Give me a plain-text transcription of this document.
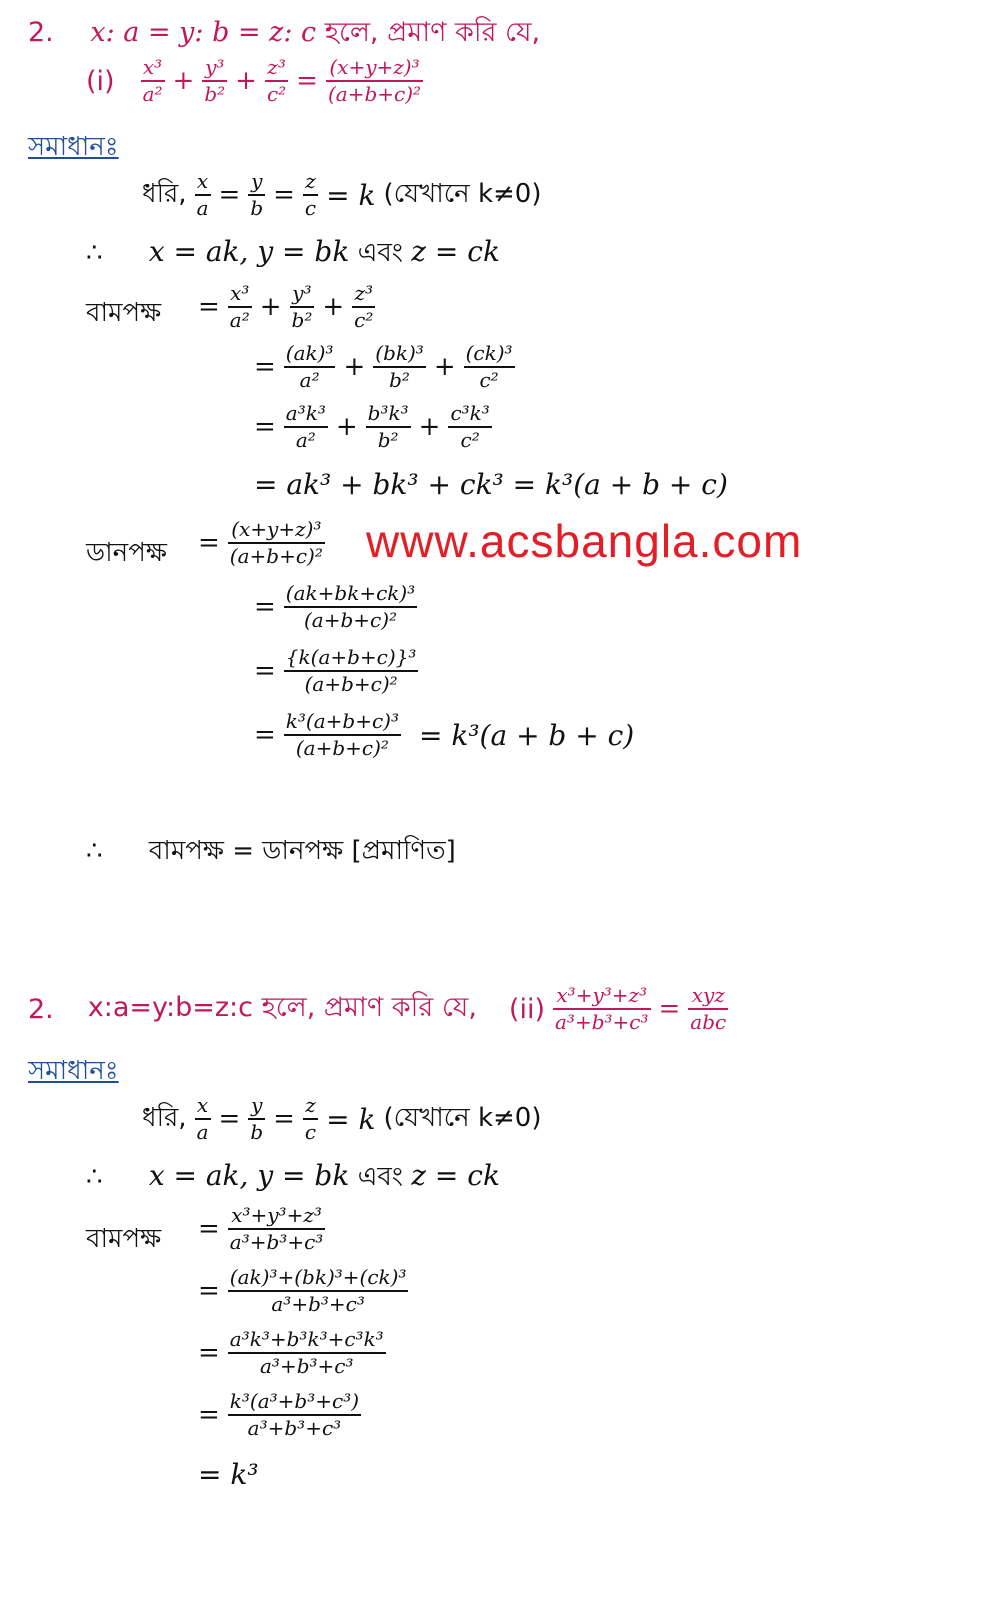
2. x: a = y: b = z: c হলে, প্রমাণ করি যে,
$(i) \frac{\text{x³}}{\text{a²}} + \frac{\text{y³}}{\text{b²}} + \frac{\text{z³}}{\text{c²}} = \frac{\text{(x+y+z)³}}{\text{(a+b+c)²}}$
সমাধানঃ
ধরি, $\frac{x}{a} = \frac{y}{b} = \frac{z}{c} = k$ (যেখানে k≠0)
∴ x = ak, y = bk এবং z = ck
বামপক্ষ = $\frac{\text{x³}}{\text{a²}} + \frac{\text{y³}}{\text{b²}} + \frac{\text{z³}}{\text{c²}}$
= $\frac{\text{(ak)³}}{\text{a²}} + \frac{\text{(bk)³}}{\text{b²}} + \frac{\text{(ck)³}}{\text{c²}}$
= $\frac{\text{a³k³}}{\text{a²}} + \frac{\text{b³k³}}{\text{b²}} + \frac{\text{c³k³}}{\text{c²}}$
= ak³ + bk³ + ck³ = k³(a + b + c)
ডানপক্ষ = $\frac{\text{(x+y+z)³}}{\text{(a+b+c)²}}$ www.acsbangla.com
= $\frac{\text{(ak+bk+ck)³}}{\text{(a+b+c)²}}$
= $\frac{\text{\{k(a+b+c)\}³}}{\text{(a+b+c)²}}$
= $\frac{\text{k³(a+b+c)³}}{\text{(a+b+c)²}} = k^3(a + b + c)$
∴ বামপক্ষ = ডানপক্ষ [প্রমাণিত]
2. x:a=y:b=z:c হলে, প্রমাণ করি যে, $(ii) \frac{\text{x³+y³+z³}}{\text{a³+b³+c³}} = \frac{\text{xyz}}{\text{abc}}$
সমাধানঃ
ধরি, $\frac{x}{a} = \frac{y}{b} = \frac{z}{c} = k$ (যেখানে k≠0)
∴ x = ak, y = bk এবং z = ck
বামপক্ষ = $\frac{\text{x³+y³+z³}}{\text{a³+b³+c³}}$
= $\frac{\text{(ak)³+(bk)³+(ck)³}}{\text{a³+b³+c³}}$
= $\frac{\text{a³k³+b³k³+c³k³}}{\text{a³+b³+c³}}$
= $\frac{\text{k³(a³+b³+c³)}}{\text{a³+b³+c³}}$
= k³
